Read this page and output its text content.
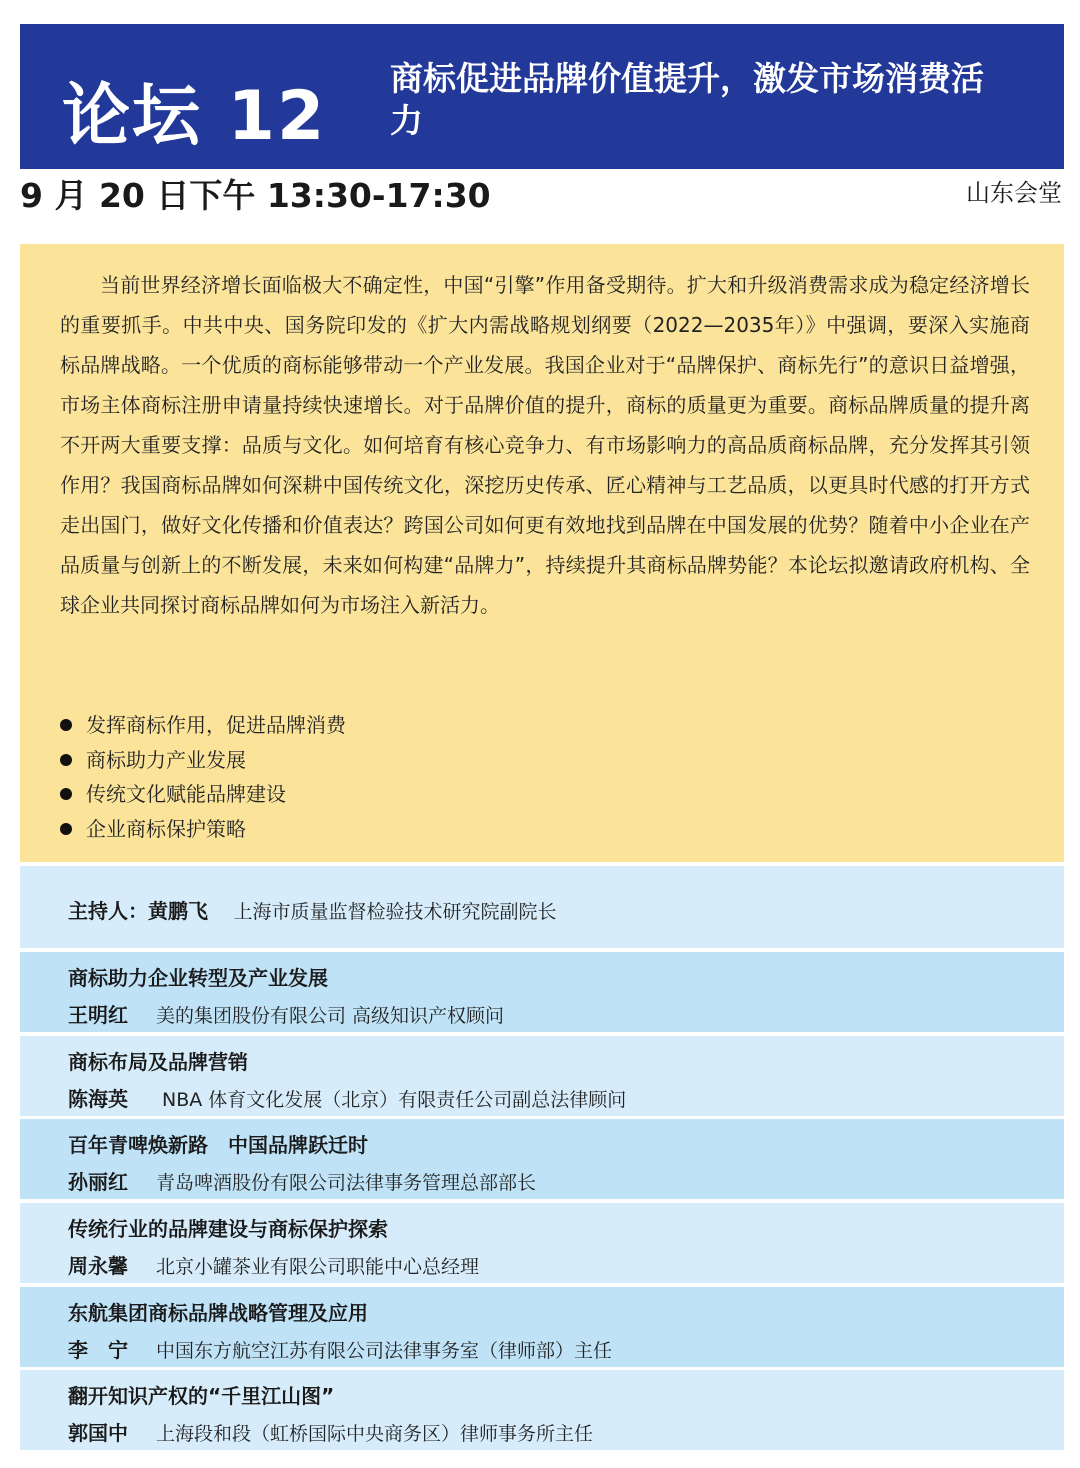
论坛 12 商标促进品牌价值提升，激发市场消费活力
9 月 20 日下午 13:30-17:30	山东会堂
当前世界经济增长面临极大不确定性，中国“引擎”作用备受期待。扩大和升级消费需求成为稳定经济增长的重要抓手。中共中央、国务院印发的《扩大内需战略规划纲要（2022—2035年）》中强调，要深入实施商标品牌战略。一个优质的商标能够带动一个产业发展。我国企业对于“品牌保护、商标先行”的意识日益增强，市场主体商标注册申请量持续快速增长。对于品牌价值的提升，商标的质量更为重要。商标品牌质量的提升离不开两大重要支撑：品质与文化。如何培育有核心竞争力、有市场影响力的高品质商标品牌，充分发挥其引领作用？我国商标品牌如何深耕中国传统文化，深挖历史传承、匠心精神与工艺品质，以更具时代感的打开方式走出国门，做好文化传播和价值表达？跨国公司如何更有效地找到品牌在中国发展的优势？随着中小企业在产品质量与创新上的不断发展，未来如何构建“品牌力”，持续提升其商标品牌势能？本论坛拟邀请政府机构、全球企业共同探讨商标品牌如何为市场注入新活力。
发挥商标作用，促进品牌消费
商标助力产业发展
传统文化赋能品牌建设
企业商标保护策略
主持人：黄鹏飞 上海市质量监督检验技术研究院副院长
商标助力企业转型及产业发展
王明红 美的集团股份有限公司 高级知识产权顾问
商标布局及品牌营销
陈海英 NBA 体育文化发展（北京）有限责任公司副总法律顾问
百年青啤焕新路　中国品牌跃迁时
孙丽红 青岛啤酒股份有限公司法律事务管理总部部长
传统行业的品牌建设与商标保护探索
周永馨 北京小罐茶业有限公司职能中心总经理
东航集团商标品牌战略管理及应用
李　宁 中国东方航空江苏有限公司法律事务室（律师部）主任
翻开知识产权的“千里江山图”
郭国中 上海段和段（虹桥国际中央商务区）律师事务所主任
